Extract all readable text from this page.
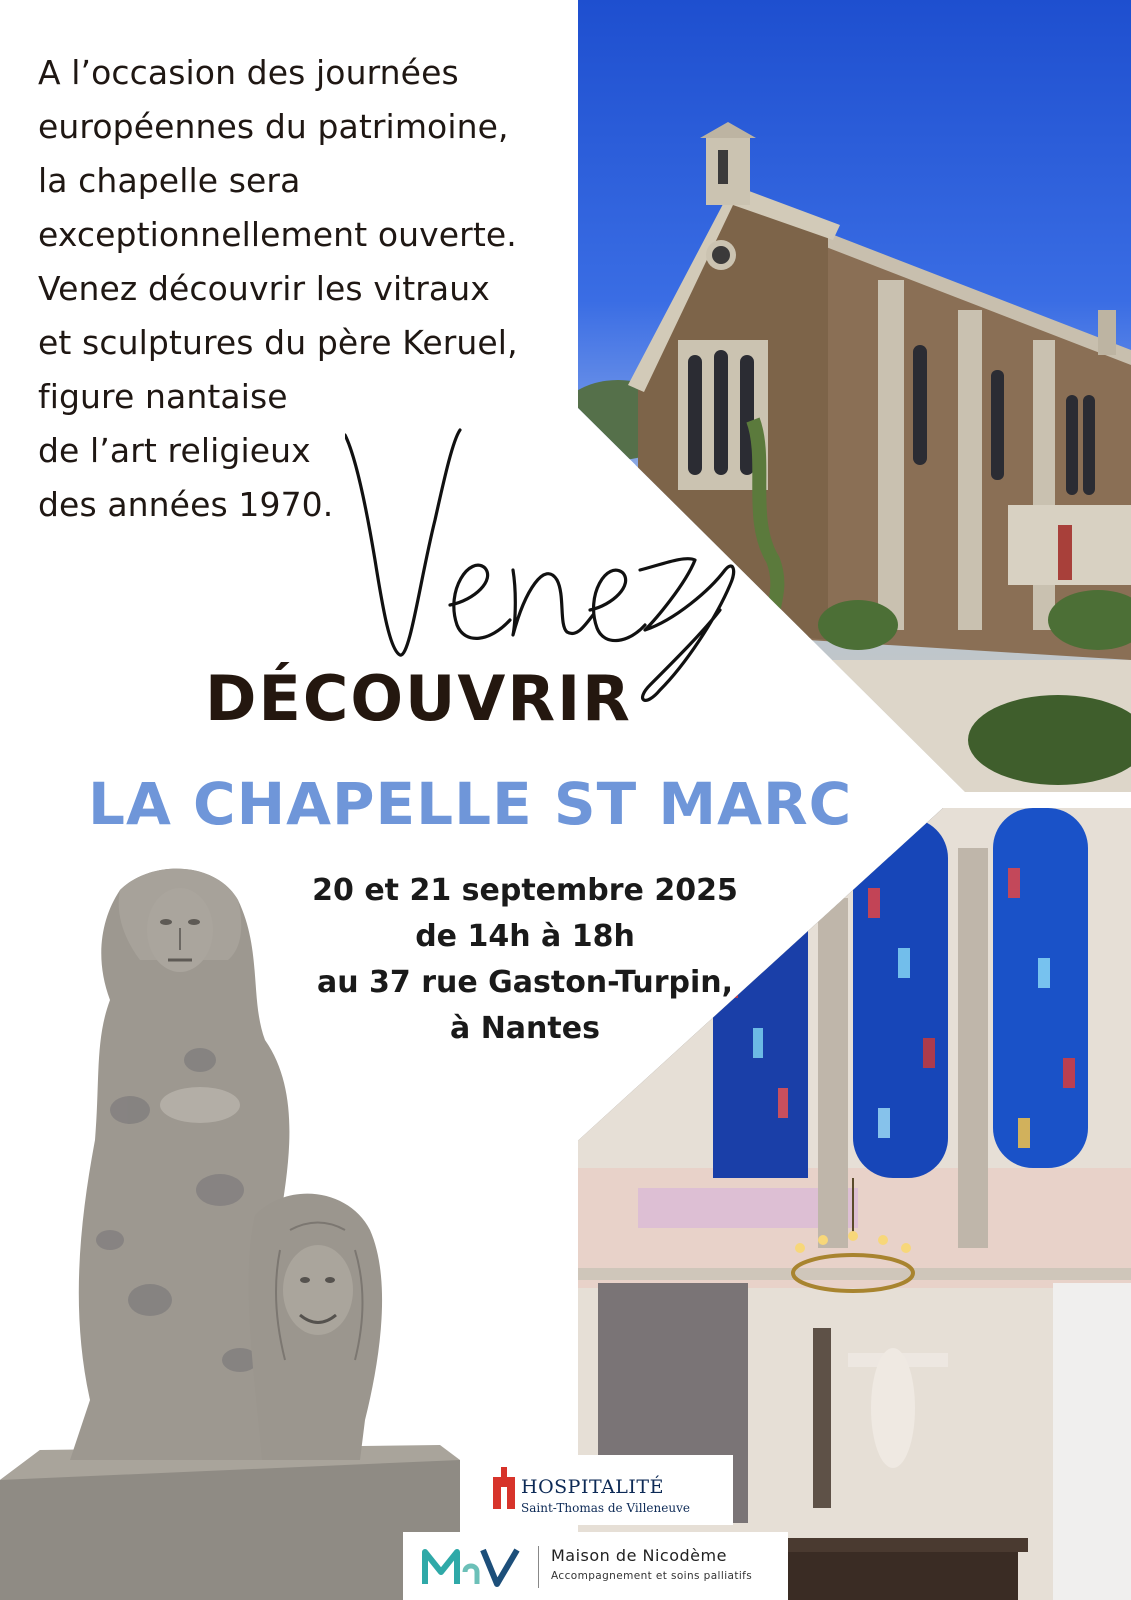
A l’occasion des journées
européennes du patrimoine,
la chapelle sera
exceptionnellement ouverte.
Venez découvrir les vitraux
et sculptures du père Keruel,
figure nantaise
de l’art religieux
des années 1970.
DÉCOUVRIR
LA CHAPELLE ST MARC
20 et 21 septembre 2025
de 14h à 18h
au 37 rue Gaston-Turpin,
à Nantes
HOSPITALITÉ
Saint-Thomas de Villeneuve
Maison de Nicodème
Accompagnement et soins palliatifs
